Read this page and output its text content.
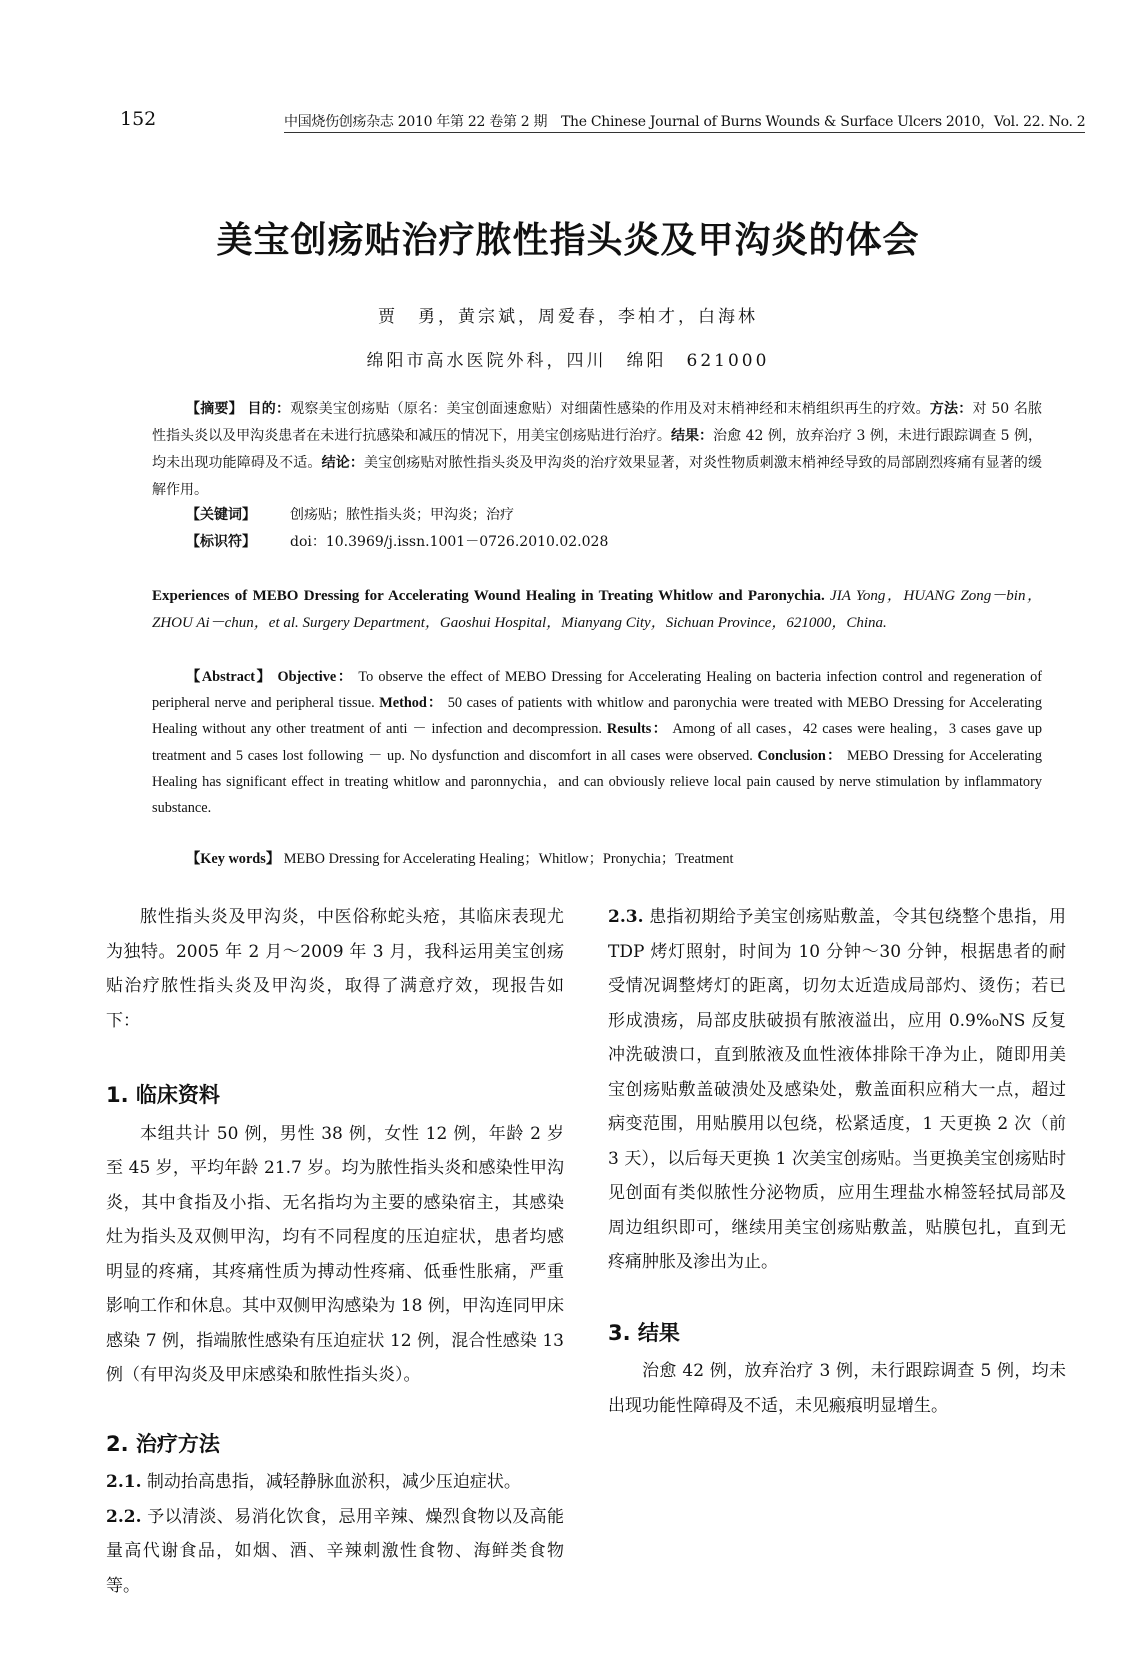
152	中国烧伤创疡杂志 2010 年第 22 卷第 2 期　The Chinese Journal of Burns Wounds & Surface Ulcers 2010，Vol. 22. No. 2
美宝创疡贴治疗脓性指头炎及甲沟炎的体会
贾　勇，黄宗斌，周爱春，李柏才，白海林
绵阳市高水医院外科，四川　绵阳　621000
【摘要】 目的：观察美宝创疡贴（原名：美宝创面速愈贴）对细菌性感染的作用及对末梢神经和末梢组织再生的疗效。方法：对 50 名脓性指头炎以及甲沟炎患者在未进行抗感染和减压的情况下，用美宝创疡贴进行治疗。结果：治愈 42 例，放弃治疗 3 例，未进行跟踪调查 5 例，均未出现功能障碍及不适。结论：美宝创疡贴对脓性指头炎及甲沟炎的治疗效果显著，对炎性物质刺激末梢神经导致的局部剧烈疼痛有显著的缓解作用。
【关键词】 创疡贴；脓性指头炎；甲沟炎；治疗
【标识符】 doi：10.3969/j.issn.1001－0726.2010.02.028
Experiences of MEBO Dressing for Accelerating Wound Healing in Treating Whitlow and Paronychia. JIA Yong，HUANG Zong－bin，ZHOU Ai－chun，et al. Surgery Department，Gaoshui Hospital，Mianyang City，Sichuan Province，621000，China.
【Abstract】 Objective： To observe the effect of MEBO Dressing for Accelerating Healing on bacteria infection control and regeneration of peripheral nerve and peripheral tissue. Method： 50 cases of patients with whitlow and paronychia were treated with MEBO Dressing for Accelerating Healing without any other treatment of anti － infection and decompression. Results： Among of all cases，42 cases were healing，3 cases gave up treatment and 5 cases lost following － up. No dysfunction and discomfort in all cases were observed. Conclusion： MEBO Dressing for Accelerating Healing has significant effect in treating whitlow and paronnychia，and can obviously relieve local pain caused by nerve stimulation by inflammatory substance.
【Key words】 MEBO Dressing for Accelerating Healing；Whitlow；Pronychia；Treatment

脓性指头炎及甲沟炎，中医俗称蛇头疮，其临床表现尤为独特。2005 年 2 月～2009 年 3 月，我科运用美宝创疡贴治疗脓性指头炎及甲沟炎，取得了满意疗效，现报告如下：

1. 临床资料

本组共计 50 例，男性 38 例，女性 12 例，年龄 2 岁至 45 岁，平均年龄 21.7 岁。均为脓性指头炎和感染性甲沟炎，其中食指及小指、无名指均为主要的感染宿主，其感染灶为指头及双侧甲沟，均有不同程度的压迫症状，患者均感明显的疼痛，其疼痛性质为搏动性疼痛、低垂性胀痛，严重影响工作和休息。其中双侧甲沟感染为 18 例，甲沟连同甲床感染 7 例，指端脓性感染有压迫症状 12 例，混合性感染 13 例（有甲沟炎及甲床感染和脓性指头炎）。

2. 治疗方法

2.1. 制动抬高患指，减轻静脉血淤积，减少压迫症状。

2.2. 予以清淡、易消化饮食，忌用辛辣、燥烈食物以及高能量高代谢食品，如烟、酒、辛辣刺激性食物、海鲜类食物等。

2.3. 患指初期给予美宝创疡贴敷盖，令其包绕整个患指，用 TDP 烤灯照射，时间为 10 分钟～30 分钟，根据患者的耐受情况调整烤灯的距离，切勿太近造成局部灼、烫伤；若已形成溃疡，局部皮肤破损有脓液溢出，应用 0.9%₀NS 反复冲洗破溃口，直到脓液及血性液体排除干净为止，随即用美宝创疡贴敷盖破溃处及感染处，敷盖面积应稍大一点，超过病变范围，用贴膜用以包绕，松紧适度，1 天更换 2 次（前 3 天），以后每天更换 1 次美宝创疡贴。当更换美宝创疡贴时见创面有类似脓性分泌物质，应用生理盐水棉签轻拭局部及周边组织即可，继续用美宝创疡贴敷盖，贴膜包扎，直到无疼痛肿胀及渗出为止。

3. 结果

治愈 42 例，放弃治疗 3 例，未行跟踪调查 5 例，均未出现功能性障碍及不适，未见瘢痕明显增生。
